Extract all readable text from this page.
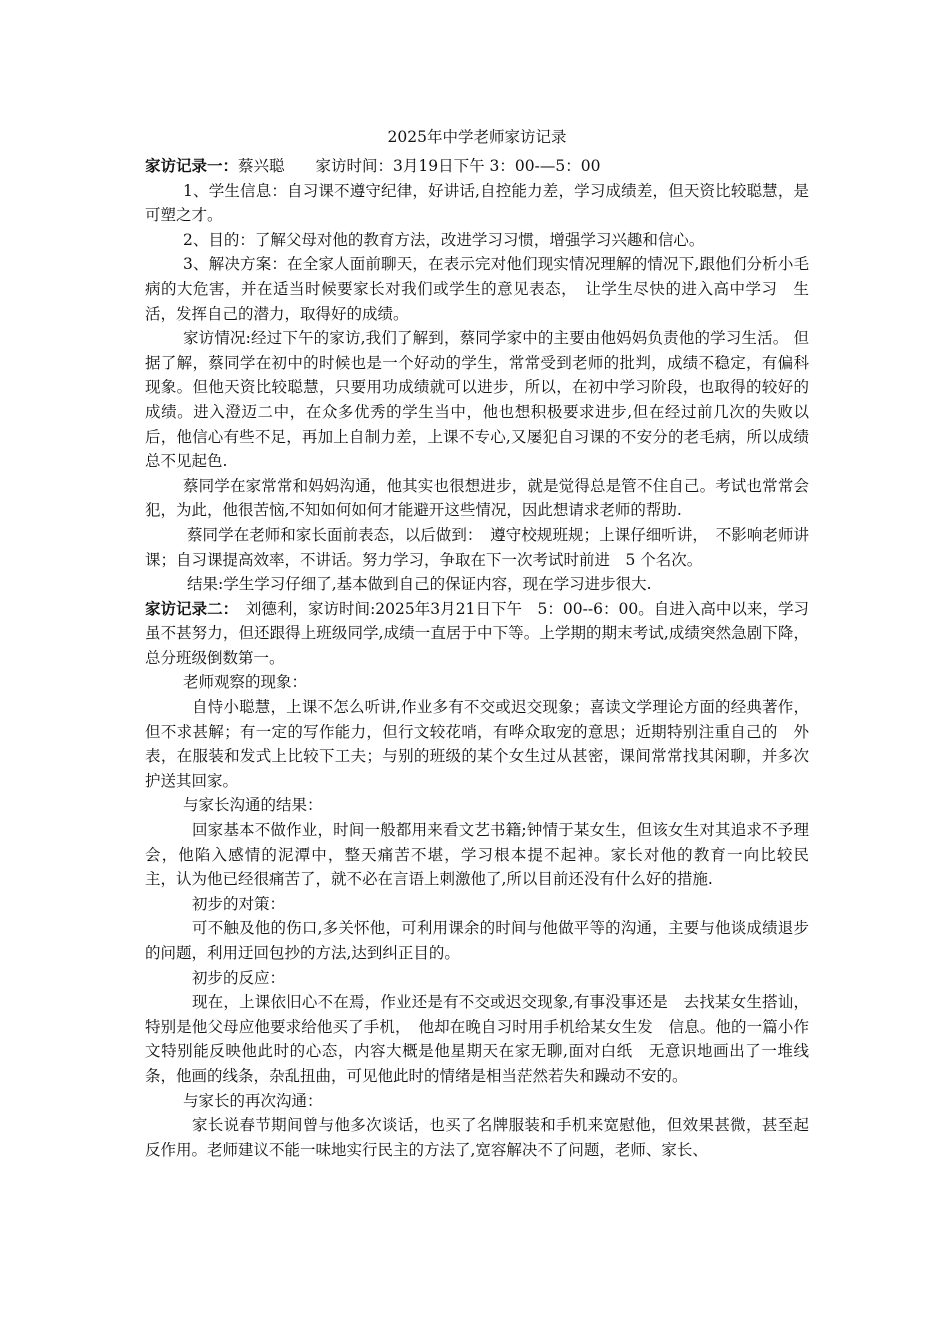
2025年中学老师家访记录

家访记录一：蔡兴聪　　家访时间：3月19日下午 3：00-—5：00

1、学生信息：自习课不遵守纪律，好讲话,自控能力差，学习成绩差，但天资比较聪慧，是可塑之才。

2、目的：了解父母对他的教育方法，改进学习习惯，增强学习兴趣和信心。

3、解决方案：在全家人面前聊天，在表示完对他们现实情况理解的情况下,跟他们分析小毛病的大危害，并在适当时候要家长对我们或学生的意见表态，　让学生尽快的进入高中学习　生活，发挥自己的潜力，取得好的成绩。

家访情况:经过下午的家访,我们了解到，蔡同学家中的主要由他妈妈负责他的学习生活。 但据了解，蔡同学在初中的时候也是一个好动的学生，常常受到老师的批判，成绩不稳定，有偏科现象。但他天资比较聪慧，只要用功成绩就可以进步，所以，在初中学习阶段，也取得的较好的成绩。进入澄迈二中，在众多优秀的学生当中，他也想积极要求进步,但在经过前几次的失败以后，他信心有些不足，再加上自制力差，上课不专心,又屡犯自习课的不安分的老毛病，所以成绩总不见起色.

蔡同学在家常常和妈妈沟通，他其实也很想进步，就是觉得总是管不住自己。考试也常常会犯，为此，他很苦恼,不知如何如何才能避开这些情况，因此想请求老师的帮助.

蔡同学在老师和家长面前表态，以后做到：　遵守校规班规；上课仔细听讲，　不影响老师讲课；自习课提高效率，不讲话。努力学习，争取在下一次考试时前进　5 个名次。

结果:学生学习仔细了,基本做到自己的保证内容，现在学习进步很大.

家访记录二：　刘德利，家访时间:2025年3月21日下午　5：00--6：00。自进入高中以来，学习虽不甚努力，但还跟得上班级同学,成绩一直居于中下等。上学期的期末考试,成绩突然急剧下降，总分班级倒数第一。

老师观察的现象：

自恃小聪慧，上课不怎么听讲,作业多有不交或迟交现象；喜读文学理论方面的经典著作，但不求甚解；有一定的写作能力，但行文较花哨，有哗众取宠的意思；近期特别注重自己的　外表，在服装和发式上比较下工夫；与别的班级的某个女生过从甚密，课间常常找其闲聊，并多次护送其回家。

与家长沟通的结果：

回家基本不做作业，时间一般都用来看文艺书籍;钟情于某女生，但该女生对其追求不予理会，他陷入感情的泥潭中，整天痛苦不堪，学习根本提不起神。家长对他的教育一向比较民　主，认为他已经很痛苦了，就不必在言语上刺激他了,所以目前还没有什么好的措施.

初步的对策：

可不触及他的伤口,多关怀他，可利用课余的时间与他做平等的沟通，主要与他谈成绩退步的问题，利用迂回包抄的方法,达到纠正目的。

初步的反应：

现在，上课依旧心不在焉，作业还是有不交或迟交现象,有事没事还是　去找某女生搭讪，特别是他父母应他要求给他买了手机，　他却在晚自习时用手机给某女生发　信息。他的一篇小作文特别能反映他此时的心态，内容大概是他星期天在家无聊,面对白纸　无意识地画出了一堆线条，他画的线条，杂乱扭曲，可见他此时的情绪是相当茫然若失和躁动不安的。

与家长的再次沟通：

家长说春节期间曾与他多次谈话，也买了名牌服装和手机来宽慰他，但效果甚微，甚至起反作用。老师建议不能一味地实行民主的方法了,宽容解决不了问题，老师、家长、
